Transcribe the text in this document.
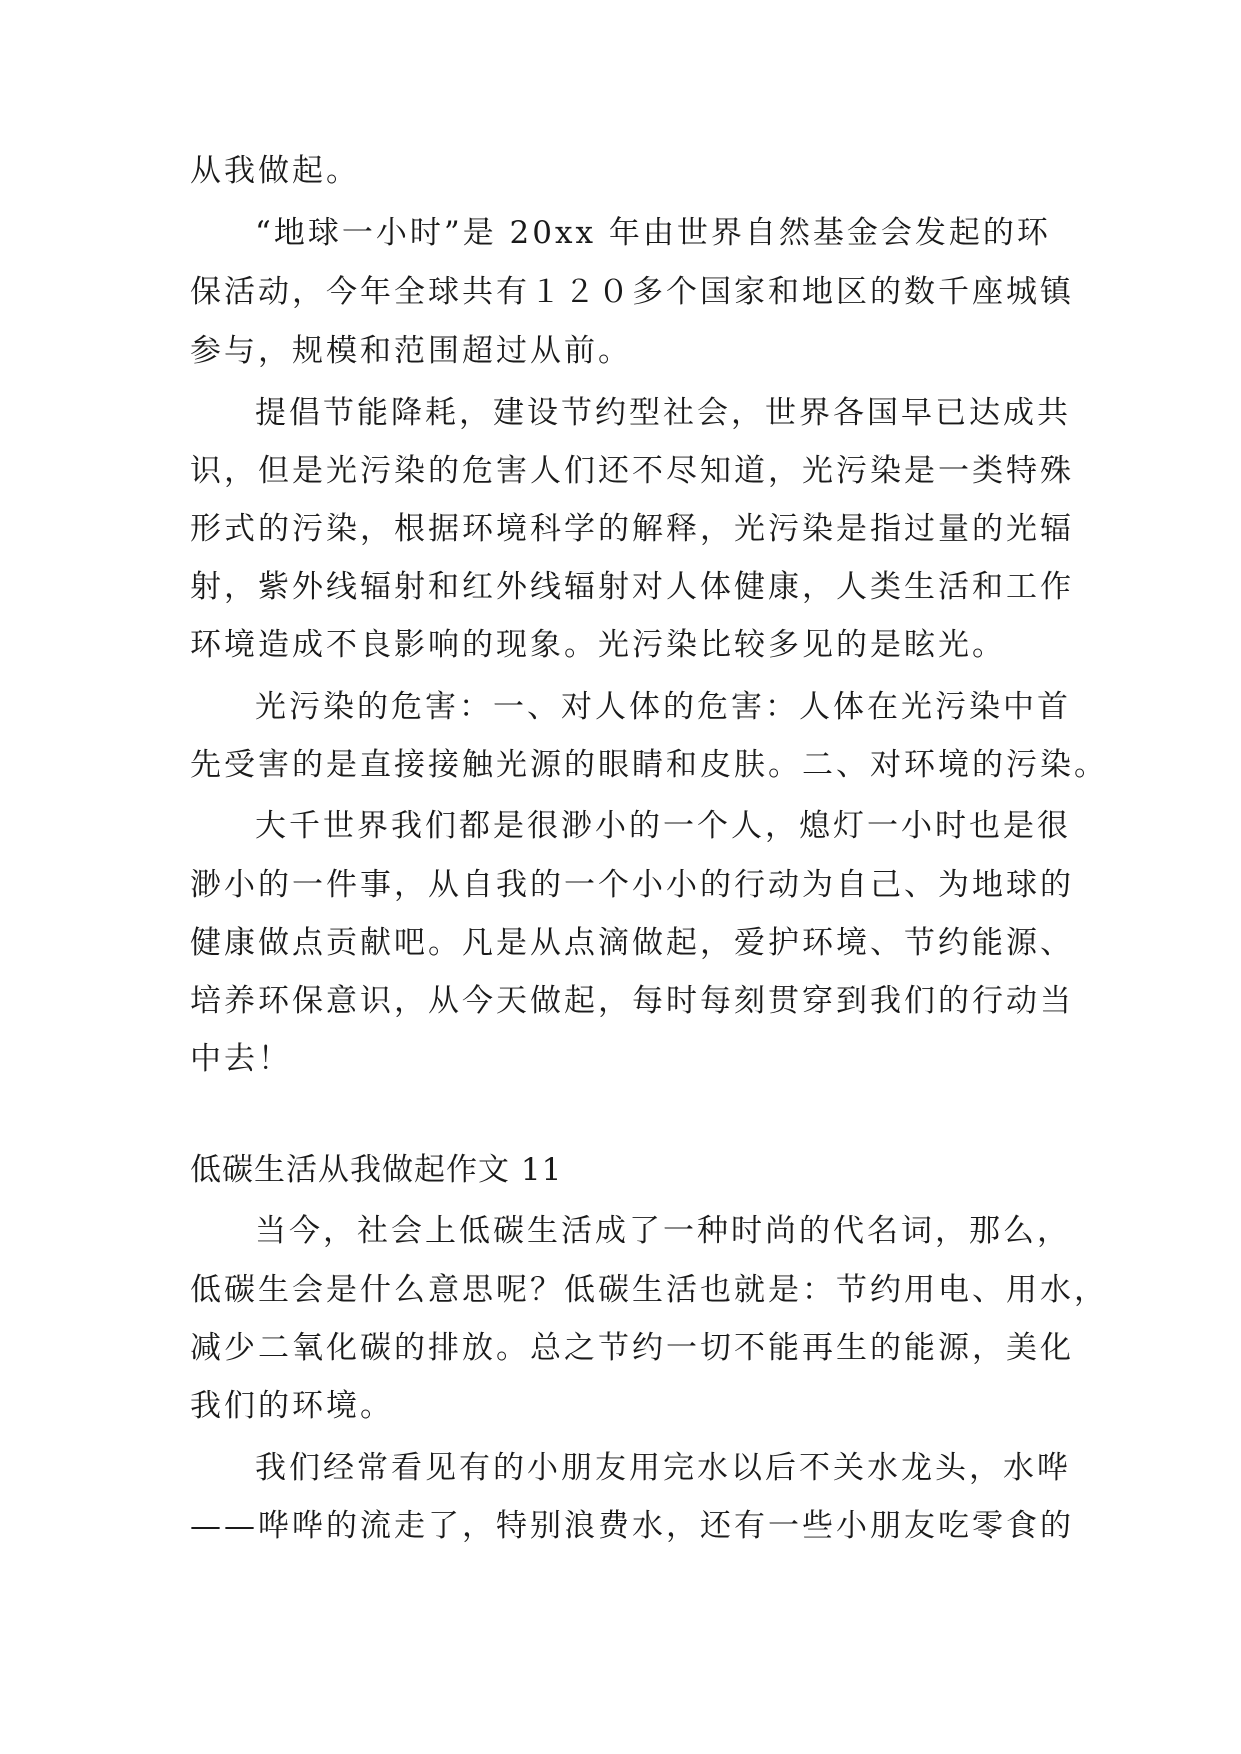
从我做起。
“地球一小时”是 20xx 年由世界自然基金会发起的环
保活动，今年全球共有１２０多个国家和地区的数千座城镇
参与，规模和范围超过从前。
提倡节能降耗，建设节约型社会，世界各国早已达成共
识，但是光污染的危害人们还不尽知道，光污染是一类特殊
形式的污染，根据环境科学的解释，光污染是指过量的光辐
射，紫外线辐射和红外线辐射对人体健康，人类生活和工作
环境造成不良影响的现象。光污染比较多见的是眩光。
光污染的危害：一、对人体的危害：人体在光污染中首
先受害的是直接接触光源的眼睛和皮肤。二、对环境的污染。
大千世界我们都是很渺小的一个人，熄灯一小时也是很
渺小的一件事，从自我的一个小小的行动为自己、为地球的
健康做点贡献吧。凡是从点滴做起，爱护环境、节约能源、
培养环保意识，从今天做起，每时每刻贯穿到我们的行动当
中去！
低碳生活从我做起作文 11
当今，社会上低碳生活成了一种时尚的代名词，那么，
低碳生会是什么意思呢？低碳生活也就是：节约用电、用水，
减少二氧化碳的排放。总之节约一切不能再生的能源，美化
我们的环境。
我们经常看见有的小朋友用完水以后不关水龙头，水哗
——哗哗的流走了，特别浪费水，还有一些小朋友吃零食的
